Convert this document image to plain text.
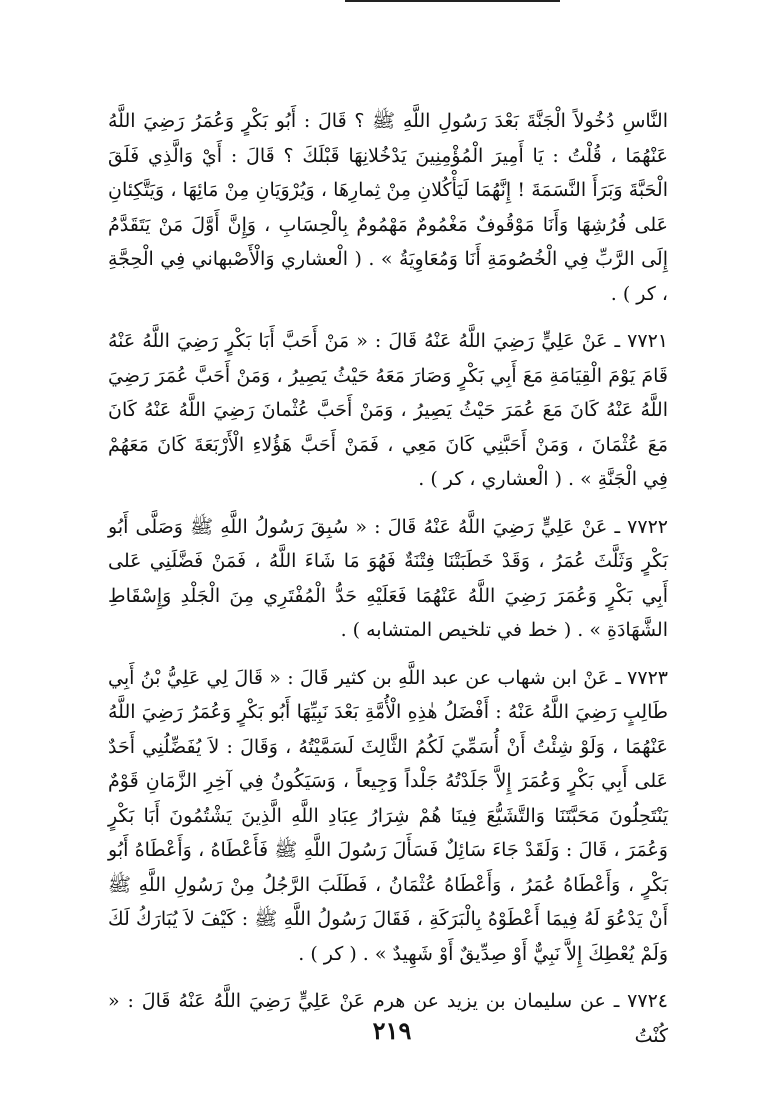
النَّاسِ دُخُولاً الْجَنَّةَ بَعْدَ رَسُولِ اللَّهِ ﷺ ؟ قَالَ : أَبُو بَكْرٍ وَعُمَرُ رَضِيَ اللَّهُ عَنْهُمَا ، قُلْتُ : يَا أَمِيرَ الْمُؤْمِنِينَ يَدْخُلانِهَا قَبْلَكَ ؟ قَالَ : أَيْ وَالَّذِي فَلَقَ الْحَبَّةَ وَبَرَأَ النَّسَمَةَ ! إِنَّهُمَا لَيَأْكُلانِ مِنْ ثِمارِهَا ، وَيُرْوَيَانِ مِنْ مَائِهَا ، وَيَتَّكِئانِ عَلى فُرُشِهَا وَأَنَا مَوْقُوفٌ مَغْمُومٌ مَهْمُومٌ بِالْحِسَابِ ، وَإِنَّ أَوَّلَ مَنْ يَتَقَدَّمُ إِلَى الرَّبِّ فِي الْخُصُومَةِ أَنَا وَمُعَاوِيَةُ » . ( الْعشاري وَالْأَصْبهاني فِي الْحِجَّةِ ، كر ) .

٧٧٢١ ـ عَنْ عَلِيٍّ رَضِيَ اللَّهُ عَنْهُ قَالَ : « مَنْ أَحَبَّ أَبَا بَكْرٍ رَضِيَ اللَّهُ عَنْهُ قَامَ يَوْمَ الْقِيَامَةِ مَعَ أَبِي بَكْرٍ وَصَارَ مَعَهُ حَيْثُ يَصِيرُ ، وَمَنْ أَحَبَّ عُمَرَ رَضِيَ اللَّهُ عَنْهُ كَانَ مَعَ عُمَرَ حَيْثُ يَصِيرُ ، وَمَنْ أَحَبَّ عُثْمانَ رَضِيَ اللَّهُ عَنْهُ كَانَ مَعَ عُثْمَانَ ، وَمَنْ أَحَبَّنِي كَانَ مَعِي ، فَمَنْ أَحَبَّ هَؤُلاءِ الْأَرْبَعَةَ كَانَ مَعَهُمْ فِي الْجَنَّةِ » . ( الْعشاري ، كر ) .

٧٧٢٢ ـ عَنْ عَلِيٍّ رَضِيَ اللَّهُ عَنْهُ قَالَ : « سُبِقَ رَسُولُ اللَّهِ ﷺ وَصَلَّى أَبُو بَكْرٍ وَثَلَّثَ عُمَرُ ، وَقَدْ خَطَبَتْنَا فِتْنَةٌ فَهُوَ مَا شَاءَ اللَّهُ ، فَمَنْ فَضَّلَنِي عَلى أَبِي بَكْرٍ وَعُمَرَ رَضِيَ اللَّهُ عَنْهُمَا فَعَلَيْهِ حَدُّ الْمُفْتَرِي مِنَ الْجَلْدِ وَإِسْقَاطِ الشَّهَادَةِ » . ( خط في تلخيص المتشابه ) .

٧٧٢٣ ـ عَنْ ابن شهاب عن عبد اللَّهِ بن كثير قَالَ : « قَالَ لِي عَلِيُّ بْنُ أَبِي طَالِبٍ رَضِيَ اللَّهُ عَنْهُ : أَفْضَلُ هٰذِهِ الْأُمَّةِ بَعْدَ نَبِيِّهَا أَبُو بَكْرٍ وَعُمَرُ رَضِيَ اللَّهُ عَنْهُمَا ، وَلَوْ شِئْتُ أَنْ أُسَمِّيَ لَكُمُ الثَّالِثَ لَسَمَّيْتُهُ ، وَقَالَ : لاَ يُفَضِّلُنِي أَحَدٌ عَلى أَبِي بَكْرٍ وَعُمَرَ إِلاَّ جَلَدْتُهُ جَلْداً وَجِيعاً ، وَسَيَكُونُ فِي آخِرِ الزَّمَانِ قَوْمٌ يَنْتَحِلُونَ مَحَبَّتَنَا وَالتَّشَيُّعَ فِينَا هُمْ شِرَارُ عِبَادِ اللَّهِ الَّذِينَ يَشْتُمُونَ أَبَا بَكْرٍ وَعُمَرَ ، قَالَ : وَلَقَدْ جَاءَ سَائِلٌ فَسَأَلَ رَسُولَ اللَّهِ ﷺ فَأَعْطَاهُ ، وَأَعْطَاهُ أَبُو بَكْرٍ ، وَأَعْطَاهُ عُمَرُ ، وَأَعْطَاهُ عُثْمَانُ ، فَطَلَبَ الرَّجُلُ مِنْ رَسُولِ اللَّهِ ﷺ أَنْ يَدْعُوَ لَهُ فِيمَا أَعْطَوْهُ بِالْبَرَكَةِ ، فَقَالَ رَسُولُ اللَّهِ ﷺ : كَيْفَ لاَ يُبَارَكُ لَكَ وَلَمْ يُعْطِكَ إِلاَّ نَبِيٌّ أَوْ صِدِّيقٌ أَوْ شَهِيدٌ » . ( كر ) .

٧٧٢٤ ـ عن سليمان بن يزيد عن هرم عَنْ عَلِيٍّ رَضِيَ اللَّهُ عَنْهُ قَالَ : « كُنْتُ

٢١٩
